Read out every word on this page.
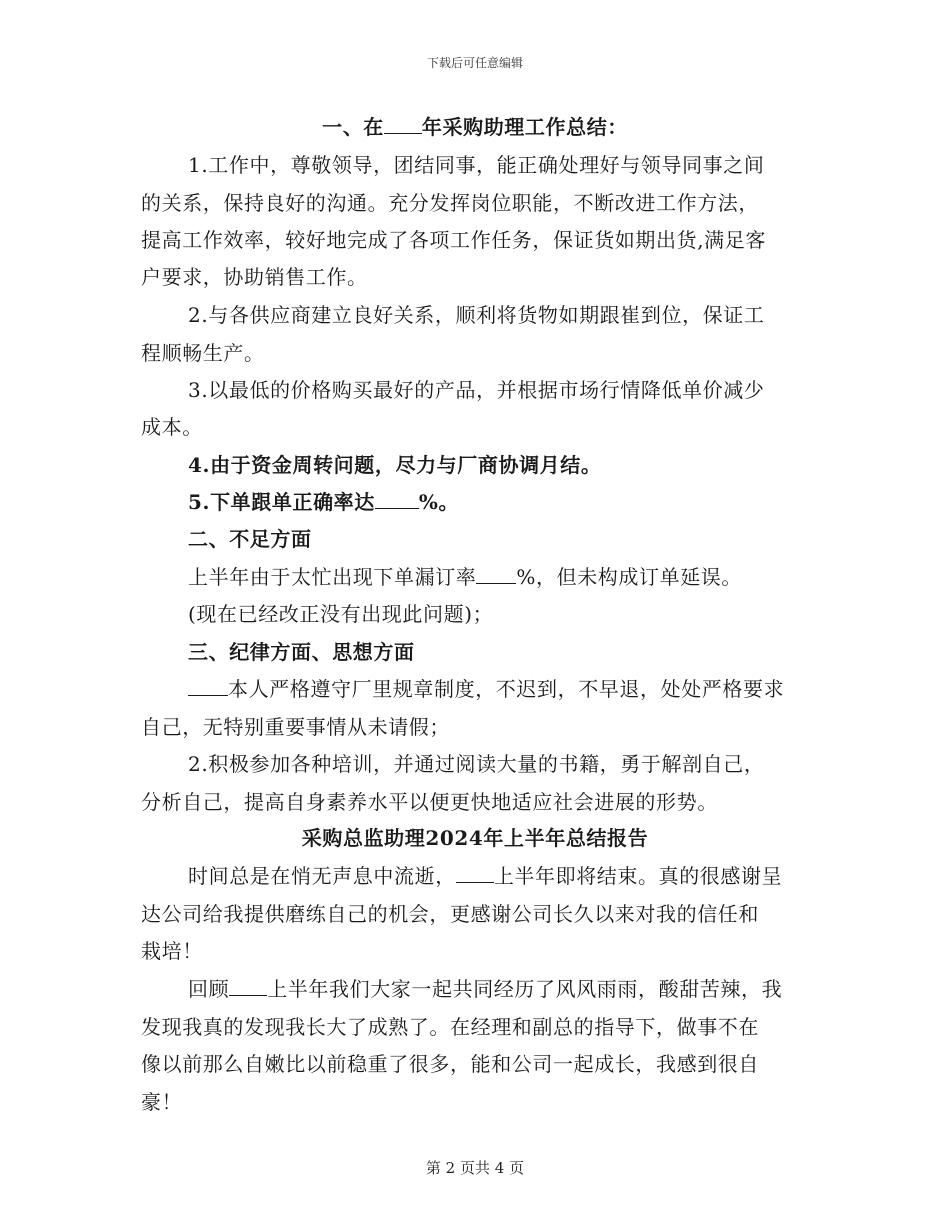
下载后可任意编辑
一、在 年采购助理工作总结：
1.工作中，尊敬领导，团结同事，能正确处理好与领导同事之间
的关系，保持良好的沟通。充分发挥岗位职能，不断改进工作方法，
提高工作效率，较好地完成了各项工作任务，保证货如期出货,满足客
户要求，协助销售工作。
2.与各供应商建立良好关系，顺利将货物如期跟崔到位，保证工
程顺畅生产。
3.以最低的价格购买最好的产品，并根据市场行情降低单价减少
成本。
4.由于资金周转问题，尽力与厂商协调月结。
5.下单跟单正确率达 %。
二、不足方面
上半年由于太忙出现下单漏订率 %，但未构成订单延误。
(现在已经改正没有出现此问题)；
三、纪律方面、思想方面
本人严格遵守厂里规章制度，不迟到，不早退，处处严格要求
自己，无特别重要事情从未请假；
2.积极参加各种培训，并通过阅读大量的书籍，勇于解剖自己，
分析自己，提高自身素养水平以便更快地适应社会进展的形势。
采购总监助理2024年上半年总结报告
时间总是在悄无声息中流逝， 上半年即将结束。真的很感谢呈
达公司给我提供磨练自己的机会，更感谢公司长久以来对我的信任和
栽培！
回顾 上半年我们大家一起共同经历了风风雨雨，酸甜苦辣，我
发现我真的发现我长大了成熟了。在经理和副总的指导下，做事不在
像以前那么自嫩比以前稳重了很多，能和公司一起成长，我感到很自
豪！
第 2 页共 4 页
